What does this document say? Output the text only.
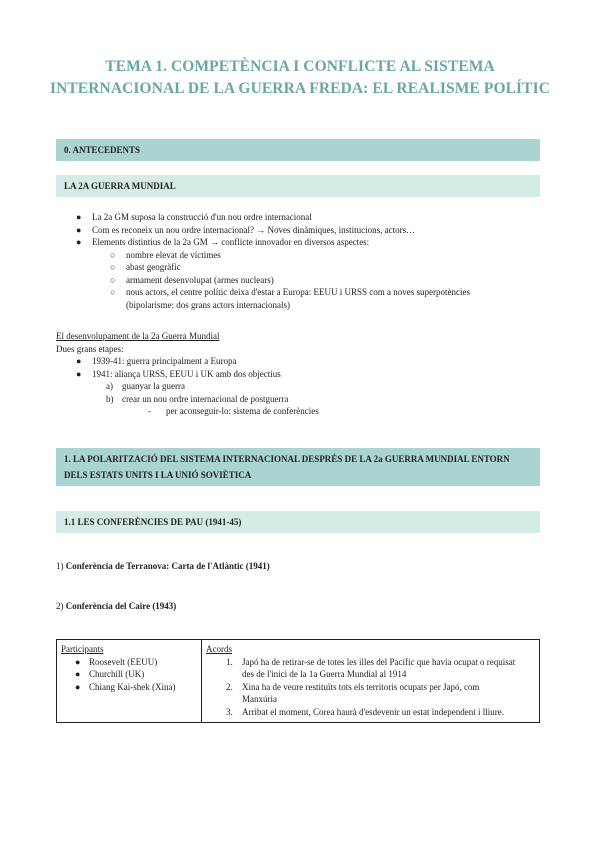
TEMA 1. COMPETÈNCIA I CONFLICTE AL SISTEMA
INTERNACIONAL DE LA GUERRA FREDA: EL REALISME POLÍTIC
0. ANTECEDENTS
LA 2A GUERRA MUNDIAL
● La 2a GM suposa la construcció d'un nou ordre internacional
● Com es reconeix un nou ordre internacional? → Noves dinàmiques, institucions, actors…
● Elements distintius de la 2a GM → conflicte innovador en diversos aspectes:
○ nombre elevat de víctimes
○ abast geogràfic
○ armament desenvolupat (armes nuclears)
○ nous actors, el centre polític deixa d'estar a Europa: EEUU i URSS com a noves superpotències
(bipolarisme: dos grans actors internacionals)
El desenvolupament de la 2a Guerra Mundial
Dues grans etapes:
● 1939-41: guerra principalment a Europa
● 1941: aliança URSS, EEUU i UK amb dos objectius
a) guanyar la guerra
b) crear un nou ordre internacional de postguerra
- per aconseguir-lo: sistema de conferències
1. LA POLARITZACIÓ DEL SISTEMA INTERNACIONAL DESPRÉS DE LA 2a GUERRA MUNDIAL ENTORN
DELS ESTATS UNITS I LA UNIÓ SOVIÈTICA
1.1 LES CONFERÈNCIES DE PAU (1941-45)
1) Conferència de Terranova: Carta de l'Atlàntic (1941)
2) Conferència del Caire (1943)
Participants
● Roosevelt (EEUU)
● Churchill (UK)
● Chiang Kai-shek (Xina)

Acords
1. Japó ha de retirar-se de totes les illes del Pacífic que havia ocupat o requisat
des de l'inici de la 1a Guerra Mundial al 1914
2. Xina ha de veure restituïts tots els territoris ocupats per Japó, com
Manxúria
3. Arribat el moment, Corea haurà d'esdevenir un estat independent i lliure.
